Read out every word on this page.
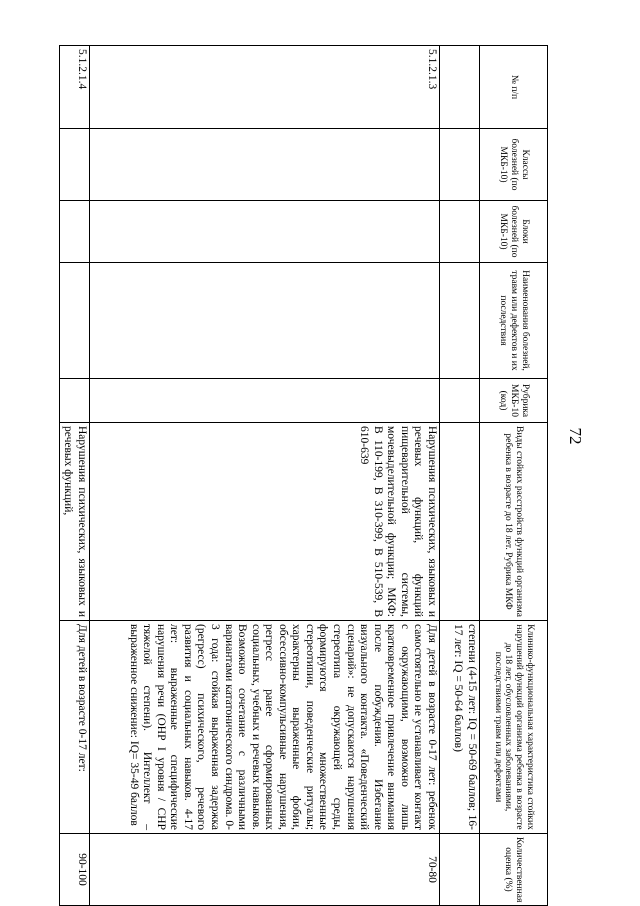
72
№ п/п	Классы болезней (по МКБ-10)	Блоки болезней (по МКБ-10)	Наименования болезней, травм или дефектов и их последствия	Рубрика МКБ-10 (код)	Виды стойких расстройств функций организма ребенка в возрасте до 18 лет. Рубрика МКФ	Клинико-функциональная характеристика стойких нарушений функций организма ребенка в возрасте до 18 лет, обусловленных заболеваниями, последствиями травм или дефектами	Количественная оценка (%)
						степени (4-15 лет: IQ = 50-69 баллов; 16-17 лет: IQ = 50-64 баллов)	
5.1.2.1.3					Нарушения психических, языковых и речевых функций, функций пищеварительной системы, мочевыделительной функции; МКФ: В 110-199, В 310-399, В 510-539, В 610-639	Для детей в возрасте 0-17 лет: ребенок самостоятельно не устанавливает контакт с окружающими, возможно лишь кратковременное привлечение внимания после побуждения. Избегание визуального контакта. «Поведенческий сценарий»: не допускаются нарушения стереотипа окружающей среды, формируются множественные стереотипии, поведенческие ритуалы; характерны выраженные фобии, обсессивно-компульсивные нарушения, регресс ранее сформированных социальных, учебных и речевых навыков. Возможно сочетание с различными вариантами кататонического синдрома. 0-3 года: стойкая выраженная задержка (регресс) психического, речевого развития и социальных навыков. 4-17 лет: выраженные специфические нарушения речи (ОНР I уровня / СНР тяжелой степени). Интеллект – выраженное снижение: IQ= 35-49 баллов	70-80
5.1.2.1.4					Нарушения психических, языковых и речевых функций,	Для детей в возрасте 0-17 лет:	90-100
